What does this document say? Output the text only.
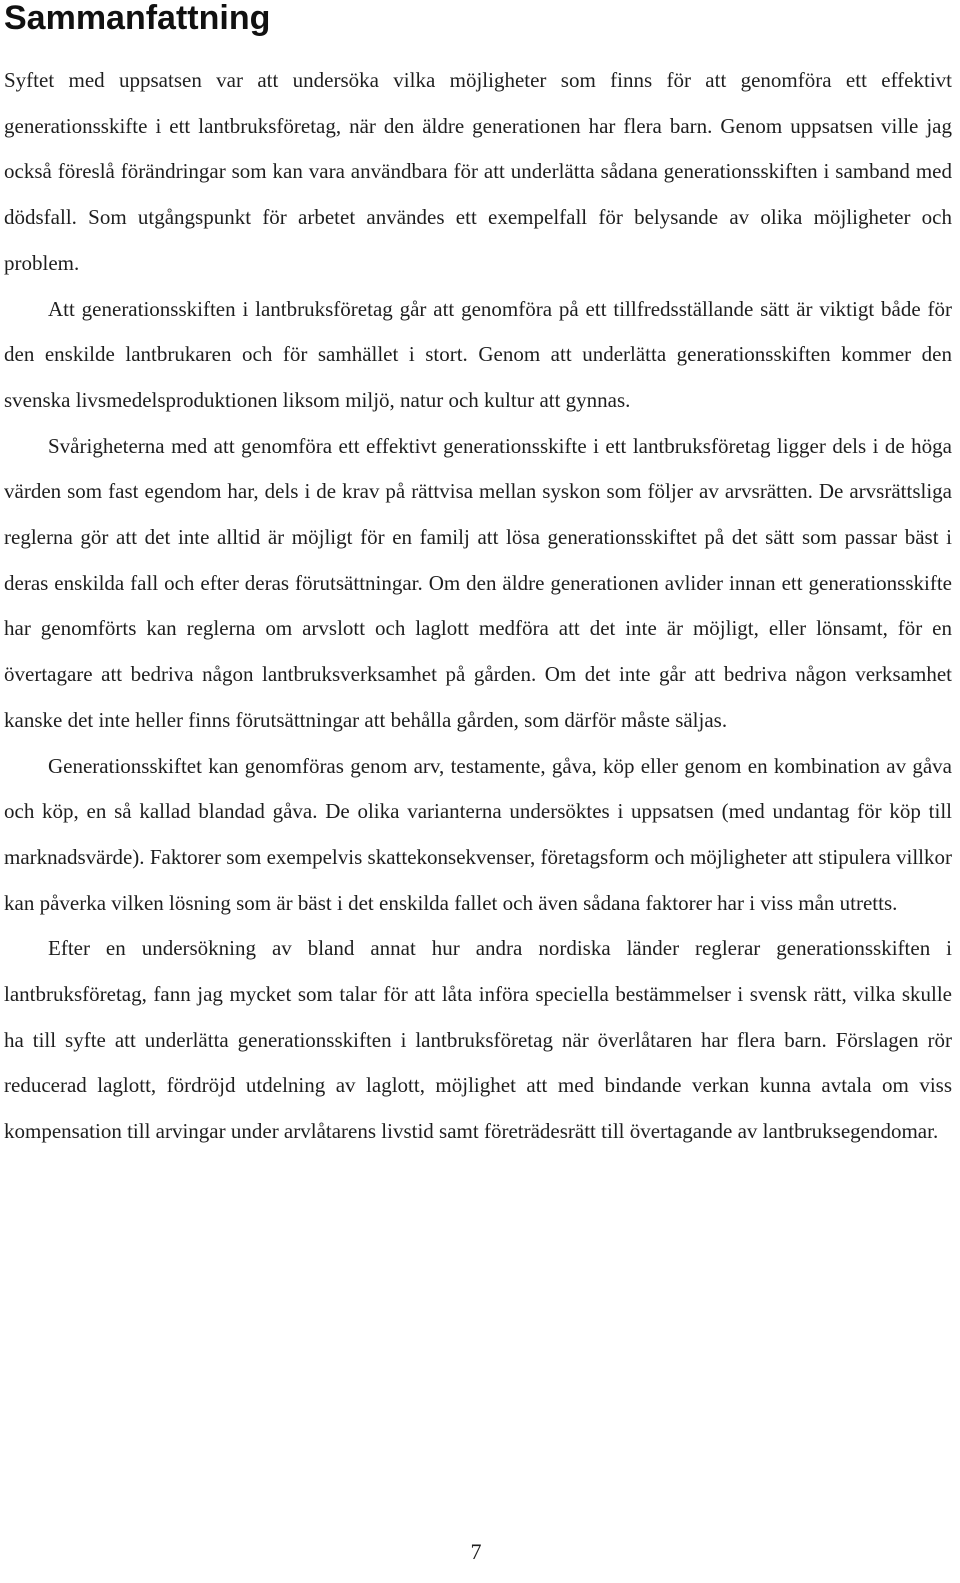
Sammanfattning

Syftet med uppsatsen var att undersöka vilka möjligheter som finns för att genomföra ett effektivt generationsskifte i ett lantbruksföretag, när den äldre generationen har flera barn. Genom uppsatsen ville jag också föreslå förändringar som kan vara användbara för att underlätta sådana generationsskiften i samband med dödsfall. Som utgångspunkt för arbetet användes ett exempelfall för belysande av olika möjligheter och problem.

Att generationsskiften i lantbruksföretag går att genomföra på ett tillfredsställande sätt är viktigt både för den enskilde lantbrukaren och för samhället i stort. Genom att underlätta generationsskiften kommer den svenska livsmedelsproduktionen liksom miljö, natur och kultur att gynnas.

Svårigheterna med att genomföra ett effektivt generationsskifte i ett lantbruksföretag ligger dels i de höga värden som fast egendom har, dels i de krav på rättvisa mellan syskon som följer av arvsrätten. De arvsrättsliga reglerna gör att det inte alltid är möjligt för en familj att lösa generationsskiftet på det sätt som passar bäst i deras enskilda fall och efter deras förutsättningar. Om den äldre generationen avlider innan ett generationsskifte har genomförts kan reglerna om arvslott och laglott medföra att det inte är möjligt, eller lönsamt, för en övertagare att bedriva någon lantbruksverksamhet på gården. Om det inte går att bedriva någon verksamhet kanske det inte heller finns förutsättningar att behålla gården, som därför måste säljas.

Generationsskiftet kan genomföras genom arv, testamente, gåva, köp eller genom en kombination av gåva och köp, en så kallad blandad gåva. De olika varianterna undersöktes i uppsatsen (med undantag för köp till marknadsvärde). Faktorer som exempelvis skattekonsekvenser, företagsform och möjligheter att stipulera villkor kan påverka vilken lösning som är bäst i det enskilda fallet och även sådana faktorer har i viss mån utretts.

Efter en undersökning av bland annat hur andra nordiska länder reglerar generationsskiften i lantbruksföretag, fann jag mycket som talar för att låta införa speciella bestämmelser i svensk rätt, vilka skulle ha till syfte att underlätta generationsskiften i lantbruksföretag när överlåtaren har flera barn. Förslagen rör reducerad laglott, fördröjd utdelning av laglott, möjlighet att med bindande verkan kunna avtala om viss kompensation till arvingar under arvlåtarens livstid samt företrädesrätt till övertagande av lantbruksegendomar.

7
